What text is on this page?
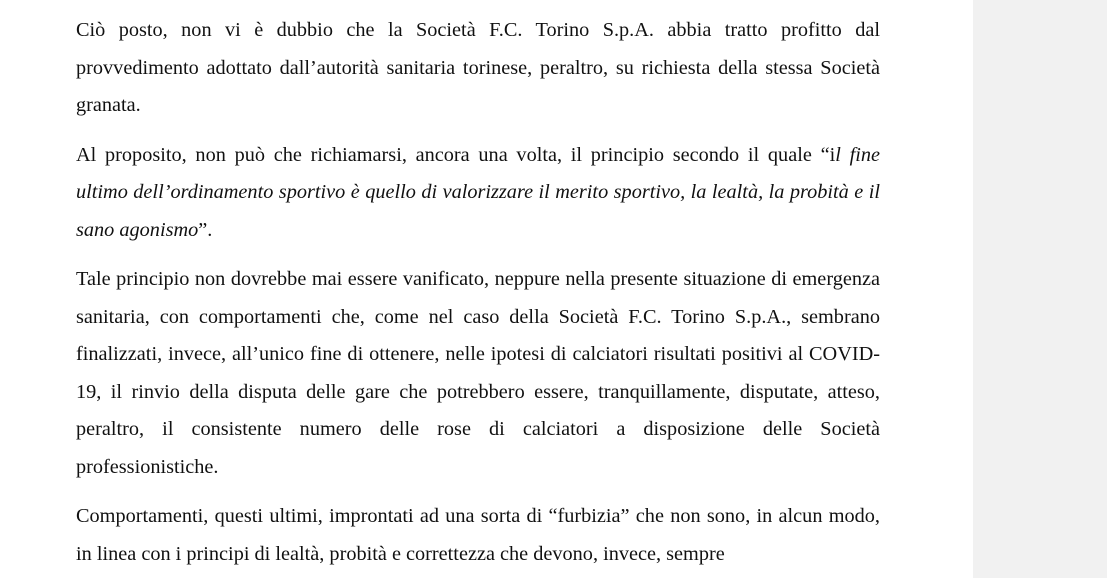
Ciò posto, non vi è dubbio che la Società F.C. Torino S.p.A. abbia tratto profitto dal provvedimento adottato dall’autorità sanitaria torinese, peraltro, su richiesta della stessa Società granata.

Al proposito, non può che richiamarsi, ancora una volta, il principio secondo il quale “il fine ultimo dell’ordinamento sportivo è quello di valorizzare il merito sportivo, la lealtà, la probità e il sano agonismo”.

Tale principio non dovrebbe mai essere vanificato, neppure nella presente situazione di emergenza sanitaria, con comportamenti che, come nel caso della Società F.C. Torino S.p.A., sembrano finalizzati, invece, all’unico fine di ottenere, nelle ipotesi di calciatori risultati positivi al COVID-19, il rinvio della disputa delle gare che potrebbero essere, tranquillamente, disputate, atteso, peraltro, il consistente numero delle rose di calciatori a disposizione delle Società professionistiche.

Comportamenti, questi ultimi, improntati ad una sorta di “furbizia” che non sono, in alcun modo, in linea con i principi di lealtà, probità e correttezza che devono, invece, sempre
